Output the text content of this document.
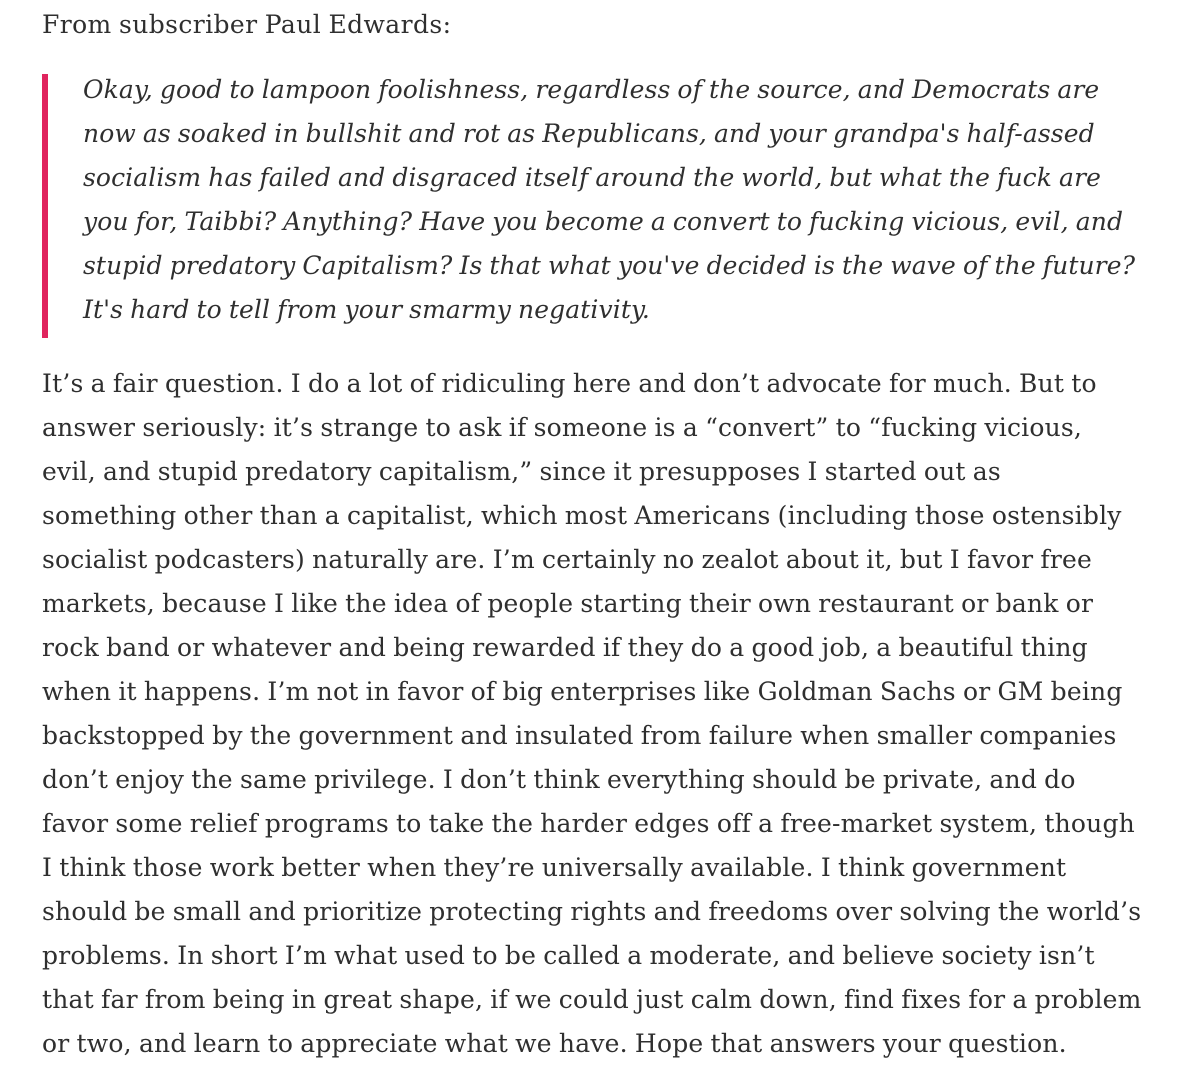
From subscriber Paul Edwards:

Okay, good to lampoon foolishness, regardless of the source, and Democrats are now as soaked in bullshit and rot as Republicans, and your grandpa's half-assed socialism has failed and disgraced itself around the world, but what the fuck are you for, Taibbi? Anything? Have you become a convert to fucking vicious, evil, and stupid predatory Capitalism? Is that what you've decided is the wave of the future? It's hard to tell from your smarmy negativity.

It’s a fair question. I do a lot of ridiculing here and don’t advocate for much. But to answer seriously: it’s strange to ask if someone is a “convert” to “fucking vicious, evil, and stupid predatory capitalism,” since it presupposes I started out as something other than a capitalist, which most Americans (including those ostensibly socialist podcasters) naturally are. I’m certainly no zealot about it, but I favor free markets, because I like the idea of people starting their own restaurant or bank or rock band or whatever and being rewarded if they do a good job, a beautiful thing when it happens. I’m not in favor of big enterprises like Goldman Sachs or GM being backstopped by the government and insulated from failure when smaller companies don’t enjoy the same privilege. I don’t think everything should be private, and do favor some relief programs to take the harder edges off a free-market system, though I think those work better when they’re universally available. I think government should be small and prioritize protecting rights and freedoms over solving the world’s problems. In short I’m what used to be called a moderate, and believe society isn’t that far from being in great shape, if we could just calm down, find fixes for a problem or two, and learn to appreciate what we have. Hope that answers your question.
